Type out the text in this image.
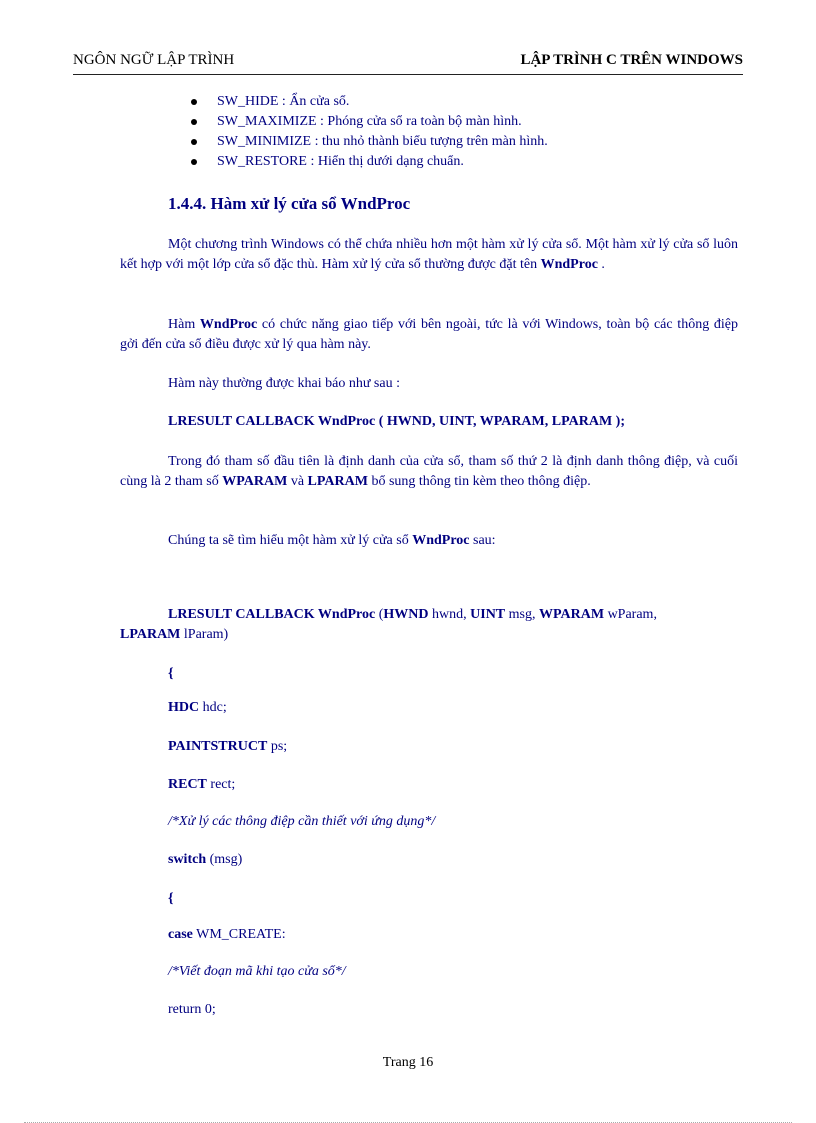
NGÔN NGỮ LẬP TRÌNH	LẬP TRÌNH C TRÊN WINDOWS
SW_HIDE : Ẩn cửa sổ.
SW_MAXIMIZE : Phóng cửa sổ ra toàn bộ màn hình.
SW_MINIMIZE : thu nhỏ thành biểu tượng trên màn hình.
SW_RESTORE : Hiển thị dưới dạng chuẩn.
1.4.4. Hàm xử lý cửa sổ WndProc

Một chương trình Windows có thể chứa nhiều hơn một hàm xử lý cửa sổ. Một hàm xử lý cửa sổ luôn kết hợp với một lớp cửa sổ đặc thù. Hàm xử lý cửa sổ thường được đặt tên WndProc .

Hàm WndProc có chức năng giao tiếp với bên ngoài, tức là với Windows, toàn bộ các thông điệp gởi đến cửa sổ điều được xử lý qua hàm này.

Hàm này thường được khai báo như sau :

LRESULT CALLBACK WndProc ( HWND, UINT, WPARAM, LPARAM );

Trong đó tham số đầu tiên là định danh của cửa sổ, tham số thứ 2 là định danh thông điệp, và cuối cùng là 2 tham số WPARAM và LPARAM bổ sung thông tin kèm theo thông điệp.

Chúng ta sẽ tìm hiểu một hàm xử lý cửa sổ WndProc sau:

LRESULT CALLBACK WndProc (HWND hwnd, UINT msg, WPARAM wParam, LPARAM lParam)

{

HDC hdc;

PAINTSTRUCT ps;

RECT rect;

/*Xử lý các thông điệp cần thiết với ứng dụng*/

switch (msg)

{

case WM_CREATE:

/*Viết đoạn mã khi tạo cửa sổ*/

return 0;

Trang 16
